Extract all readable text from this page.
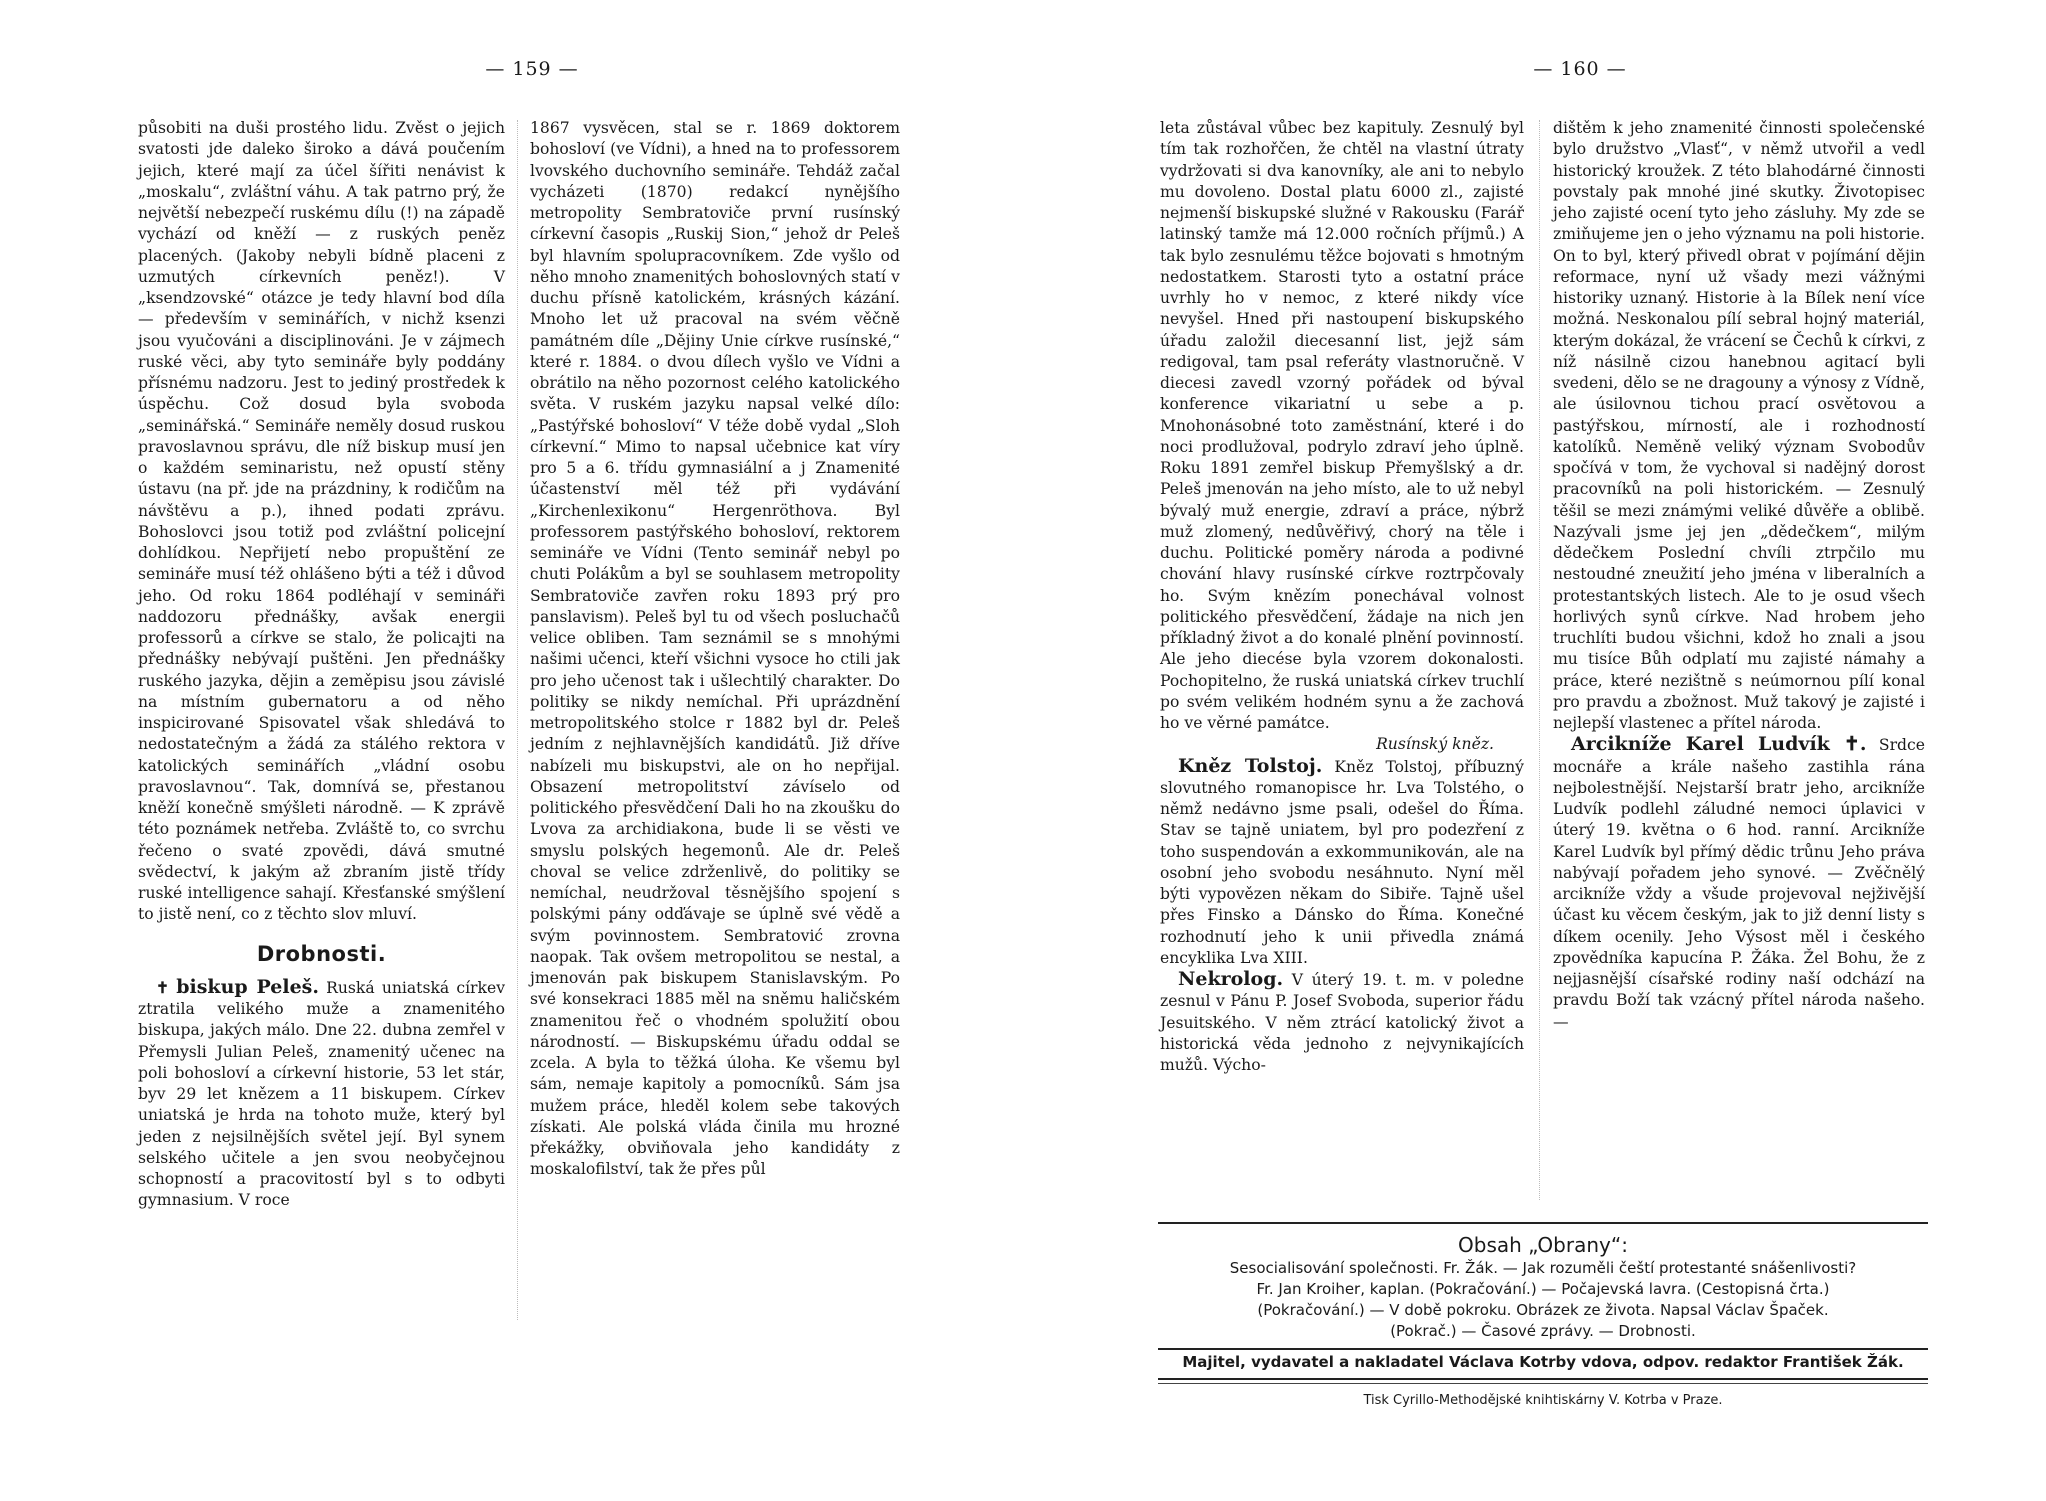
— 159 —

působiti na duši prostého lidu. Zvěst o jejich svatosti jde daleko široko a dává poučením jejich, které mají za účel šířiti nenávist k „moskalu“, zvláštní váhu. A tak patrno prý, že největší nebezpečí ruskému dílu (!) na západě vychází od kněží — z ruských peněz placených. (Jakoby nebyli bídně placeni z uzmutých církevních peněz!). V „ksendzovské“ otázce je tedy hlavní bod díla — především v seminářích, v nichž ksenzi jsou vyučováni a disciplinováni. Je v zájmech ruské věci, aby tyto semináře byly poddány přísnému nadzoru. Jest to jediný prostředek k úspěchu. Což dosud byla svoboda „seminářská.“ Semináře neměly dosud ruskou pravoslavnou správu, dle níž biskup musí jen o každém seminaristu, než opustí stěny ústavu (na př. jde na prázdniny, k rodičům na návštěvu a p.), ihned podati zprávu. Bohoslovci jsou totiž pod zvláštní policejní dohlídkou. Nepřijetí nebo propuštění ze semináře musí též ohlášeno býti a též i důvod jeho. Od roku 1864 podléhají v semináři naddozoru přednášky, avšak energii professorů a církve se stalo, že policajti na přednášky nebývají puštěni. Jen přednášky ruského jazyka, dějin a zeměpisu jsou závislé na místním gubernatoru a od něho inspicirované Spisovatel však shledává to nedostatečným a žádá za stálého rektora v katolických seminářích „vládní osobu pravoslavnou“. Tak, domnívá se, přestanou kněží konečně smýšleti národně. — K zprávě této poznámek netřeba. Zvláště to, co svrchu řečeno o svaté zpovědi, dává smutné svědectví, k jakým až zbraním jistě třídy ruské intelligence sahají. Křesťanské smýšlení to jistě není, co z těchto slov mluví.

Drobnosti.

✝ biskup Peleš. Ruská uniatská církev ztratila velikého muže a znamenitého biskupa, jakých málo. Dne 22. dubna zemřel v Přemysli Julian Peleš, znamenitý učenec na poli bohosloví a církevní historie, 53 let stár, byv 29 let knězem a 11 biskupem. Církev uniatská je hrda na tohoto muže, který byl jeden z nejsilnějších světel její. Byl synem selského učitele a jen svou neobyčejnou schopností a pracovitostí byl s to odbyti gymnasium. V roce

1867 vysvěcen, stal se r. 1869 doktorem bohosloví (ve Vídni), a hned na to professorem lvovského duchovního semináře. Tehdáž začal vycházeti (1870) redakcí nynějšího metropolity Sembratoviče první rusínský církevní časopis „Ruskij Sion,“ jehož dr Peleš byl hlavním spolupracovníkem. Zde vyšlo od něho mnoho znamenitých bohoslovných statí v duchu přísně katolickém, krásných kázání. Mnoho let už pracoval na svém věčně památném díle „Dějiny Unie církve rusínské,“ které r. 1884. o dvou dílech vyšlo ve Vídni a obrátilo na něho pozornost celého katolického světa. V ruském jazyku napsal velké dílo: „Pastýřské bohosloví“ V téže době vydal „Sloh církevní.“ Mimo to napsal učebnice kat víry pro 5 a 6. třídu gymnasiální a j Znamenité účastenství měl též při vydávání „Kirchenlexikonu“ Hergenröthova. Byl professorem pastýřského bohosloví, rektorem semináře ve Vídni (Tento seminář nebyl po chuti Polákům a byl se souhlasem metropolity Sembratoviče zavřen roku 1893 prý pro panslavism). Peleš byl tu od všech posluchačů velice obliben. Tam seznámil se s mnohými našimi učenci, kteří všichni vysoce ho ctili jak pro jeho učenost tak i ušlechtilý charakter. Do politiky se nikdy nemíchal. Při uprázdnění metropolitského stolce r 1882 byl dr. Peleš jedním z nejhlavnějších kandidátů. Již dříve nabízeli mu biskupstvi, ale on ho nepřijal. Obsazení metropolitství závíselo od politického přesvědčení Dali ho na zkoušku do Lvova za archidiakona, bude li se věsti ve smyslu polských hegemonů. Ale dr. Peleš choval se velice zdrženlivě, do politiky se nemíchal, neudržoval těsnějšího spojení s polskými pány odďávaje se úplně své vědě a svým povinnostem. Sembratović zrovna naopak. Tak ovšem metropolitou se nestal, a jmenován pak biskupem Stanislavským. Po své konsekraci 1885 měl na sněmu haličském znamenitou řeč o vhodném spolužití obou národností. — Biskupskému úřadu oddal se zcela. A byla to těžká úloha. Ke všemu byl sám, nemaje kapitoly a pomocníků. Sám jsa mužem práce, hleděl kolem sebe takových získati. Ale polská vláda činila mu hrozné překážky, obviňovala jeho kandidáty z moskalofilství, tak že přes půl

— 160 —

leta zůstával vůbec bez kapituly. Zesnulý byl tím tak rozhořčen, že chtěl na vlastní útraty vydržovati si dva kanovníky, ale ani to nebylo mu dovoleno. Dostal platu 6000 zl., zajisté nejmenší biskupské služné v Rakousku (Farář latinský tamže má 12.000 ročních příjmů.) A tak bylo zesnulému těžce bojovati s hmotným nedostatkem. Starosti tyto a ostatní práce uvrhly ho v nemoc, z které nikdy více nevyšel. Hned při nastoupení biskupského úřadu založil diecesanní list, jejž sám redigoval, tam psal referáty vlastnoručně. V diecesi zavedl vzorný pořádek od býval konference vikariatní u sebe a p. Mnohonásobné toto zaměstnání, které i do noci prodlužoval, podrylo zdraví jeho úplně. Roku 1891 zemřel biskup Přemyšlský a dr. Peleš jmenován na jeho místo, ale to už nebyl bývalý muž energie, zdraví a práce, nýbrž muž zlomený, nedůvěřivý, chorý na těle i duchu. Politické poměry národa a podivné chování hlavy rusínské církve roztrpčovaly ho. Svým knězím ponechával volnost politického přesvědčení, žádaje na nich jen příkladný život a do konalé plnění povinností. Ale jeho diecése byla vzorem dokonalosti. Pochopitelno, že ruská uniatská církev truchlí po svém velikém hodném synu a že zachová ho ve věrné památce.

Rusínský kněz.

Kněz Tolstoj. Kněz Tolstoj, příbuzný slovutného romanopisce hr. Lva Tolstého, o němž nedávno jsme psali, odešel do Říma. Stav se tajně uniatem, byl pro podezření z toho suspendován a exkommunikován, ale na osobní jeho svobodu nesáhnuto. Nyní měl býti vypovězen někam do Sibiře. Tajně ušel přes Finsko a Dánsko do Říma. Konečné rozhodnutí jeho k unii přivedla známá encyklika Lva XIII.

Nekrolog. V úterý 19. t. m. v poledne zesnul v Pánu P. Josef Svoboda, superior řádu Jesuitského. V něm ztrácí katolický život a historická věda jednoho z nejvynikajících mužů. Výcho-

dištěm k jeho znamenité činnosti společenské bylo družstvo „Vlasť“, v němž utvořil a vedl historický kroužek. Z této blahodárné činnosti povstaly pak mnohé jiné skutky. Životopisec jeho zajisté ocení tyto jeho zásluhy. My zde se zmiňujeme jen o jeho významu na poli historie. On to byl, který přivedl obrat v pojímání dějin reformace, nyní už všady mezi vážnými historiky uznaný. Historie à la Bílek není více možná. Neskonalou pílí sebral hojný materiál, kterým dokázal, že vrácení se Čechů k církvi, z níž násilně cizou hanebnou agitací byli svedeni, dělo se ne dragouny a výnosy z Vídně, ale úsilovnou tichou prací osvětovou a pastýřskou, mírností, ale i rozhodností katolíků. Neměně veliký význam Svobodův spočívá v tom, že vychoval si nadějný dorost pracovníků na poli historickém. — Zesnulý těšil se mezi známými veliké důvěře a oblibě. Nazývali jsme jej jen „dědečkem“, milým dědečkem Poslední chvíli ztrpčilo mu nestoudné zneužití jeho jména v liberalních a protestantských listech. Ale to je osud všech horlivých synů církve. Nad hrobem jeho truchlíti budou všichni, kdož ho znali a jsou mu tisíce Bůh odplatí mu zajisté námahy a práce, které nezištně s neúmornou pílí konal pro pravdu a zbožnost. Muž takový je zajisté i nejlepší vlastenec a přítel národa.

Arcikníže Karel Ludvík ✝. Srdce mocnáře a krále našeho zastihla rána nejbolestnější. Nejstarší bratr jeho, arcikníže Ludvík podlehl záludné nemoci úplavici v úterý 19. května o 6 hod. ranní. Arcikníže Karel Ludvík byl přímý dědic trůnu Jeho práva nabývají pořadem jeho synové. — Zvěčnělý arcikníže vždy a všude projevoval nejživější účast ku věcem českým, jak to již denní listy s díkem ocenily. Jeho Výsost měl i českého zpovědníka kapucína P. Žáka. Žel Bohu, že z nejjasnější císařské rodiny naší odchází na pravdu Boží tak vzácný přítel národa našeho. —

Obsah „Obrany“:
Sesocialisování společnosti. Fr. Žák. — Jak rozuměli čeští protestanté snášenlivosti?
Fr. Jan Kroiher, kaplan. (Pokračování.) — Počajevská lavra. (Cestopisná črta.)
(Pokračování.) — V době pokroku. Obrázek ze života. Napsal Václav Špaček.
(Pokrač.) — Časové zprávy. — Drobnosti.
Majitel, vydavatel a nakladatel Václava Kotrby vdova, odpov. redaktor František Žák.
Tisk Cyrillo-Methodějské knihtiskárny V. Kotrba v Praze.
